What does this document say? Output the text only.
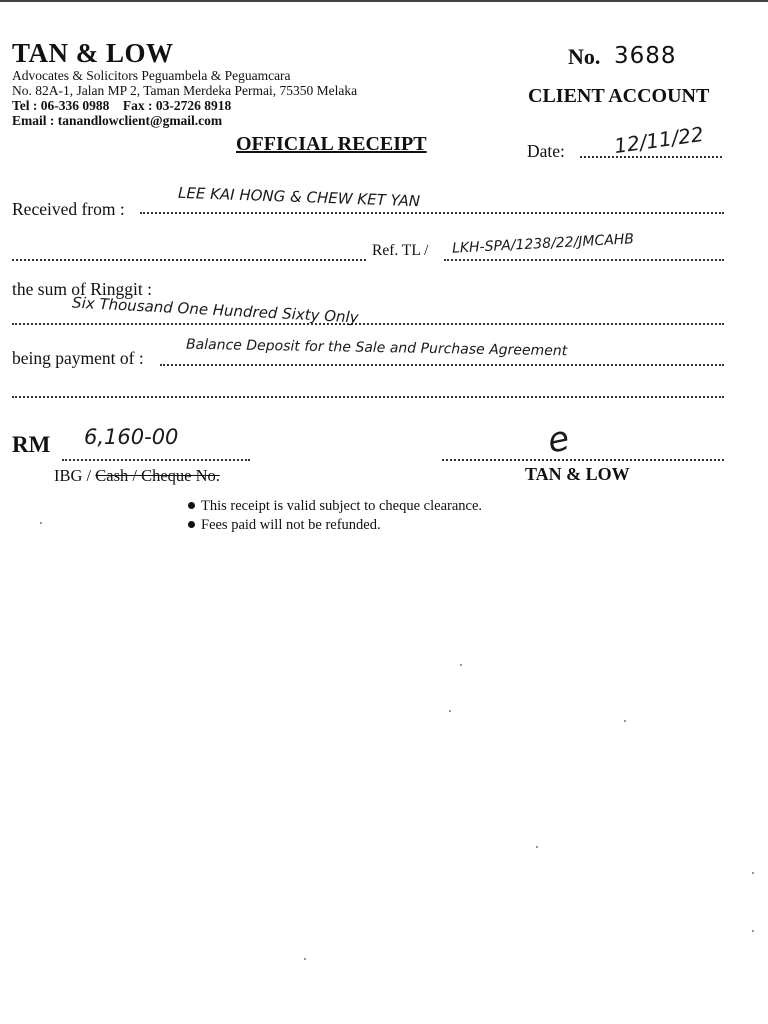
TAN & LOW
Advocates & Solicitors Peguambela & Peguamcara
No. 82A-1, Jalan MP 2, Taman Merdeka Permai, 75350 Melaka
Tel : 06-336 0988 Fax : 03-2726 8918
Email : tanandlowclient@gmail.com
No. 3688
CLIENT ACCOUNT
OFFICIAL RECEIPT	Date: 12/11/22
Received from :	LEE KAI HONG & CHEW KET YAN
Ref. TL / LKH-SPA/1238/22/JMCAHB
the sum of Ringgit :
Six Thousand One Hundred Sixty Only
being payment of :	Balance Deposit for the Sale and Purchase Agreement
RM 6,160-00
IBG / Cash / Cheque No.
e
TAN & LOW
This receipt is valid subject to cheque clearance.
Fees paid will not be refunded.
